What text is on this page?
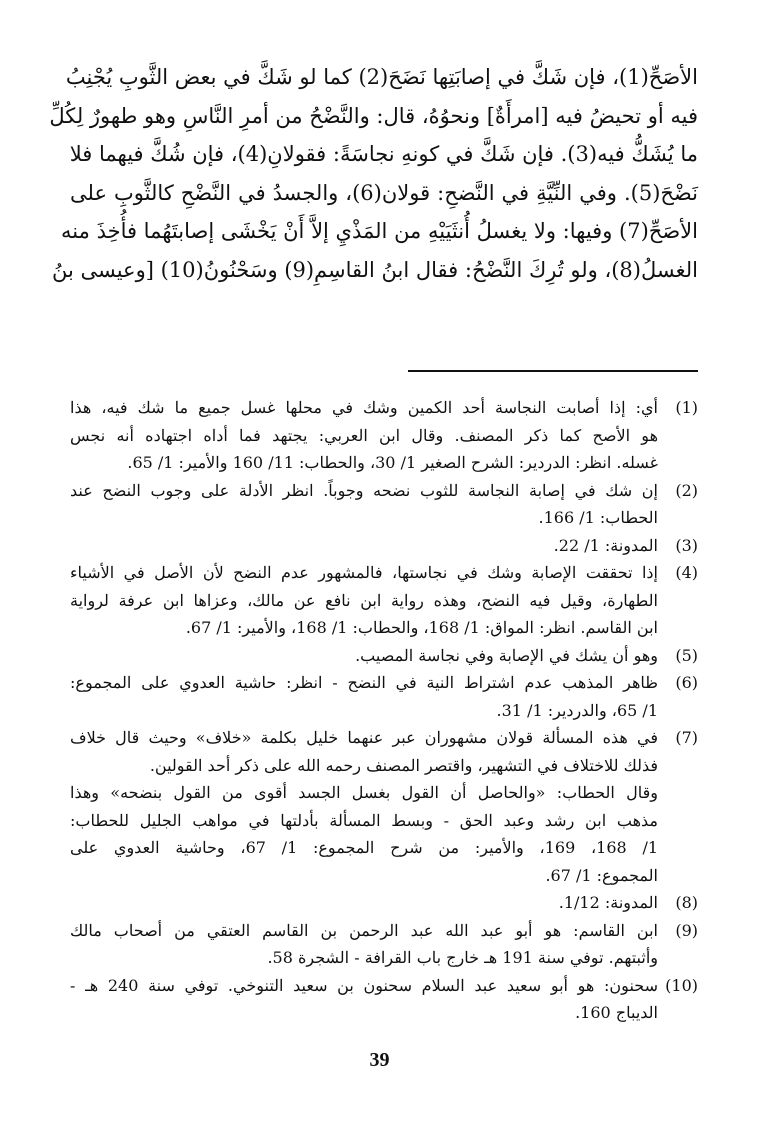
الأصَحِّ(1)، فإن شَكَّ في إصابَتِها نَضَحَ(2) كما لو شَكَّ في بعض الثَّوبِ يُجْنِبُ

فيه أو تحيضُ فيه [امرأَةٌ] ونحوُهُ، قال: والنَّضْحُ من أمرِ النَّاسِ وهو طهورٌ لِكُلِّ

ما يُشَكُّ فيه(3). فإن شَكَّ في كونهِ نجاسَةً: فقولانِ(4)، فإن شُكَّ فيهما فلا

نَضْحَ(5). وفي النِّيَّةِ في النَّضحِ: قولان(6)، والجسدُ في النَّضْحِ كالثَّوبِ على

الأصَحِّ(7) وفيها: ولا يغسلُ أُنثَيَيْهِ من المَذْيِ إلاَّ أَنْ يَخْشَى إصابتَهُما فأُخِذَ منه

الغسلُ(8)، ولو تُرِكَ النَّضْحُ: فقال ابنُ القاسِمِ(9) وسَحْنُونُ(10) [وعيسى بنُ

(1)

أي: إذا أصابت النجاسة أحد الكمين وشك في محلها غسل جميع ما شك فيه، هذا

هو الأصح كما ذكر المصنف. وقال ابن العربي: يجتهد فما أداه اجتهاده أنه نجس

غسله. انظر: الدردير: الشرح الصغير 1/ 30، والحطاب: 11/ 160 والأمير: 1/ 65.

(2)

إن شك في إصابة النجاسة للثوب نضحه وجوباً. انظر الأدلة على وجوب النضح عند

الحطاب: 1/ 166.

(3)

المدونة: 1/ 22.

(4)

إذا تحققت الإصابة وشك في نجاستها، فالمشهور عدم النضح لأن الأصل في الأشياء

الطهارة، وقيل فيه النضح، وهذه رواية ابن نافع عن مالك، وعزاها ابن عرفة لرواية

ابن القاسم. انظر: المواق: 1/ 168، والحطاب: 1/ 168، والأمير: 1/ 67.

(5)

وهو أن يشك في الإصابة وفي نجاسة المصيب.

(6)

ظاهر المذهب عدم اشتراط النية في النضح - انظر: حاشية العدوي على المجموع:

1/ 65، والدردير: 1/ 31.

(7)

في هذه المسألة قولان مشهوران عبر عنهما خليل بكلمة «خلاف» وحيث قال خلاف

فذلك للاختلاف في التشهير، واقتصر المصنف رحمه الله على ذكر أحد القولين.

وقال الحطاب: «والحاصل أن القول بغسل الجسد أقوى من القول بنضحه» وهذا

مذهب ابن رشد وعبد الحق - وبسط المسألة بأدلتها في مواهب الجليل للحطاب:

1/ 168، 169، والأمير: من شرح المجموع: 1/ 67، وحاشية العدوي على

المجموع: 1/ 67.

(8)

المدونة: 1/12.

(9)

ابن القاسم: هو أبو عبد الله عبد الرحمن بن القاسم العتقي من أصحاب مالك

وأثبتهم. توفي سنة 191 هـ خارج باب القرافة - الشجرة 58.

(10)

سحنون: هو أبو سعيد عبد السلام سحنون بن سعيد التنوخي. توفي سنة 240 هـ -

الديباج 160.

39
